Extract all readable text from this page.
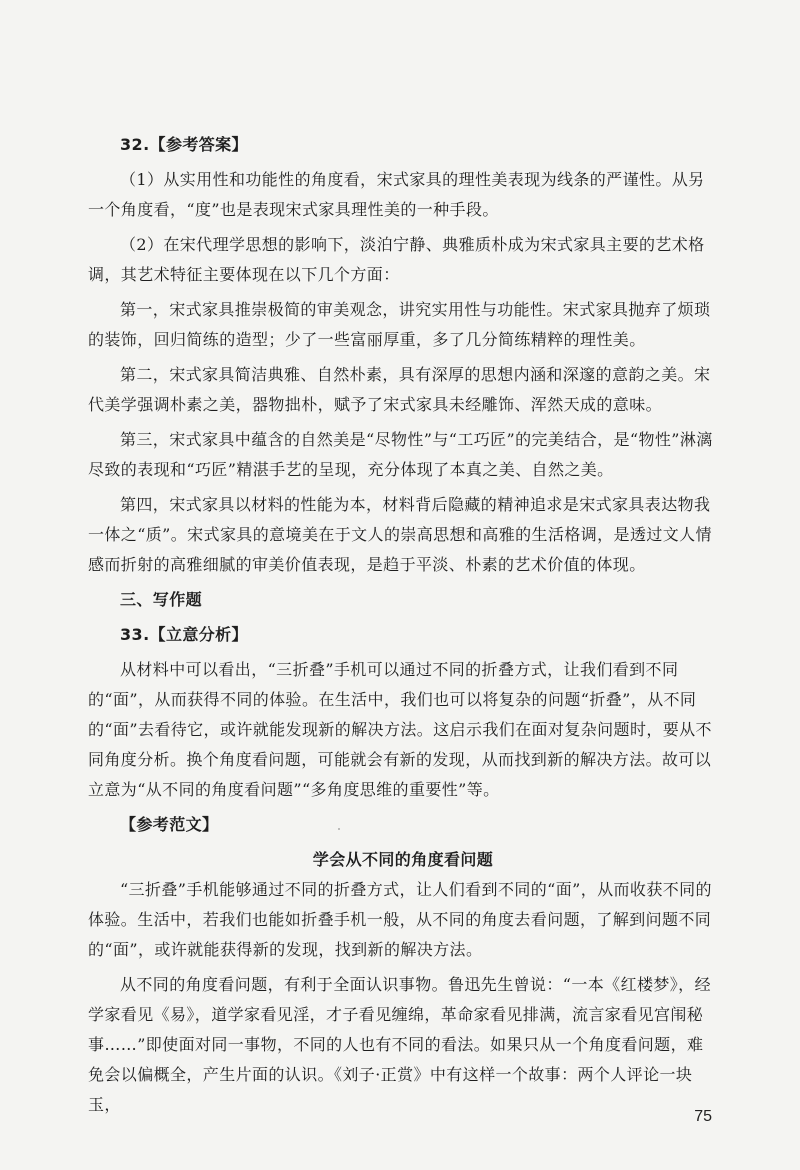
32.【参考答案】

（1）从实用性和功能性的角度看，宋式家具的理性美表现为线条的严谨性。从另一个角度看，“度”也是表现宋式家具理性美的一种手段。

（2）在宋代理学思想的影响下，淡泊宁静、典雅质朴成为宋式家具主要的艺术格调，其艺术特征主要体现在以下几个方面：

第一，宋式家具推崇极简的审美观念，讲究实用性与功能性。宋式家具抛弃了烦琐的装饰，回归简练的造型；少了一些富丽厚重，多了几分简练精粹的理性美。

第二，宋式家具简洁典雅、自然朴素，具有深厚的思想内涵和深邃的意韵之美。宋代美学强调朴素之美，器物拙朴，赋予了宋式家具未经雕饰、浑然天成的意味。

第三，宋式家具中蕴含的自然美是“尽物性”与“工巧匠”的完美结合，是“物性”淋漓尽致的表现和“巧匠”精湛手艺的呈现，充分体现了本真之美、自然之美。

第四，宋式家具以材料的性能为本，材料背后隐藏的精神追求是宋式家具表达物我一体之“质”。宋式家具的意境美在于文人的崇高思想和高雅的生活格调，是透过文人情感而折射的高雅细腻的审美价值表现，是趋于平淡、朴素的艺术价值的体现。

三、写作题

33.【立意分析】

从材料中可以看出，“三折叠”手机可以通过不同的折叠方式，让我们看到不同的“面”，从而获得不同的体验。在生活中，我们也可以将复杂的问题“折叠”，从不同的“面”去看待它，或许就能发现新的解决方法。这启示我们在面对复杂问题时，要从不同角度分析。换个角度看问题，可能就会有新的发现，从而找到新的解决方法。故可以立意为“从不同的角度看问题”“多角度思维的重要性”等。

【参考范文】

学会从不同的角度看问题

“三折叠”手机能够通过不同的折叠方式，让人们看到不同的“面”，从而收获不同的体验。生活中，若我们也能如折叠手机一般，从不同的角度去看问题，了解到问题不同的“面”，或许就能获得新的发现，找到新的解决方法。

从不同的角度看问题，有利于全面认识事物。鲁迅先生曾说：“一本《红楼梦》，经学家看见《易》，道学家看见淫，才子看见缠绵，革命家看见排满，流言家看见宫闱秘事……”即使面对同一事物，不同的人也有不同的看法。如果只从一个角度看问题，难免会以偏概全，产生片面的认识。《刘子·正赏》中有这样一个故事：两个人评论一块玉，

75
